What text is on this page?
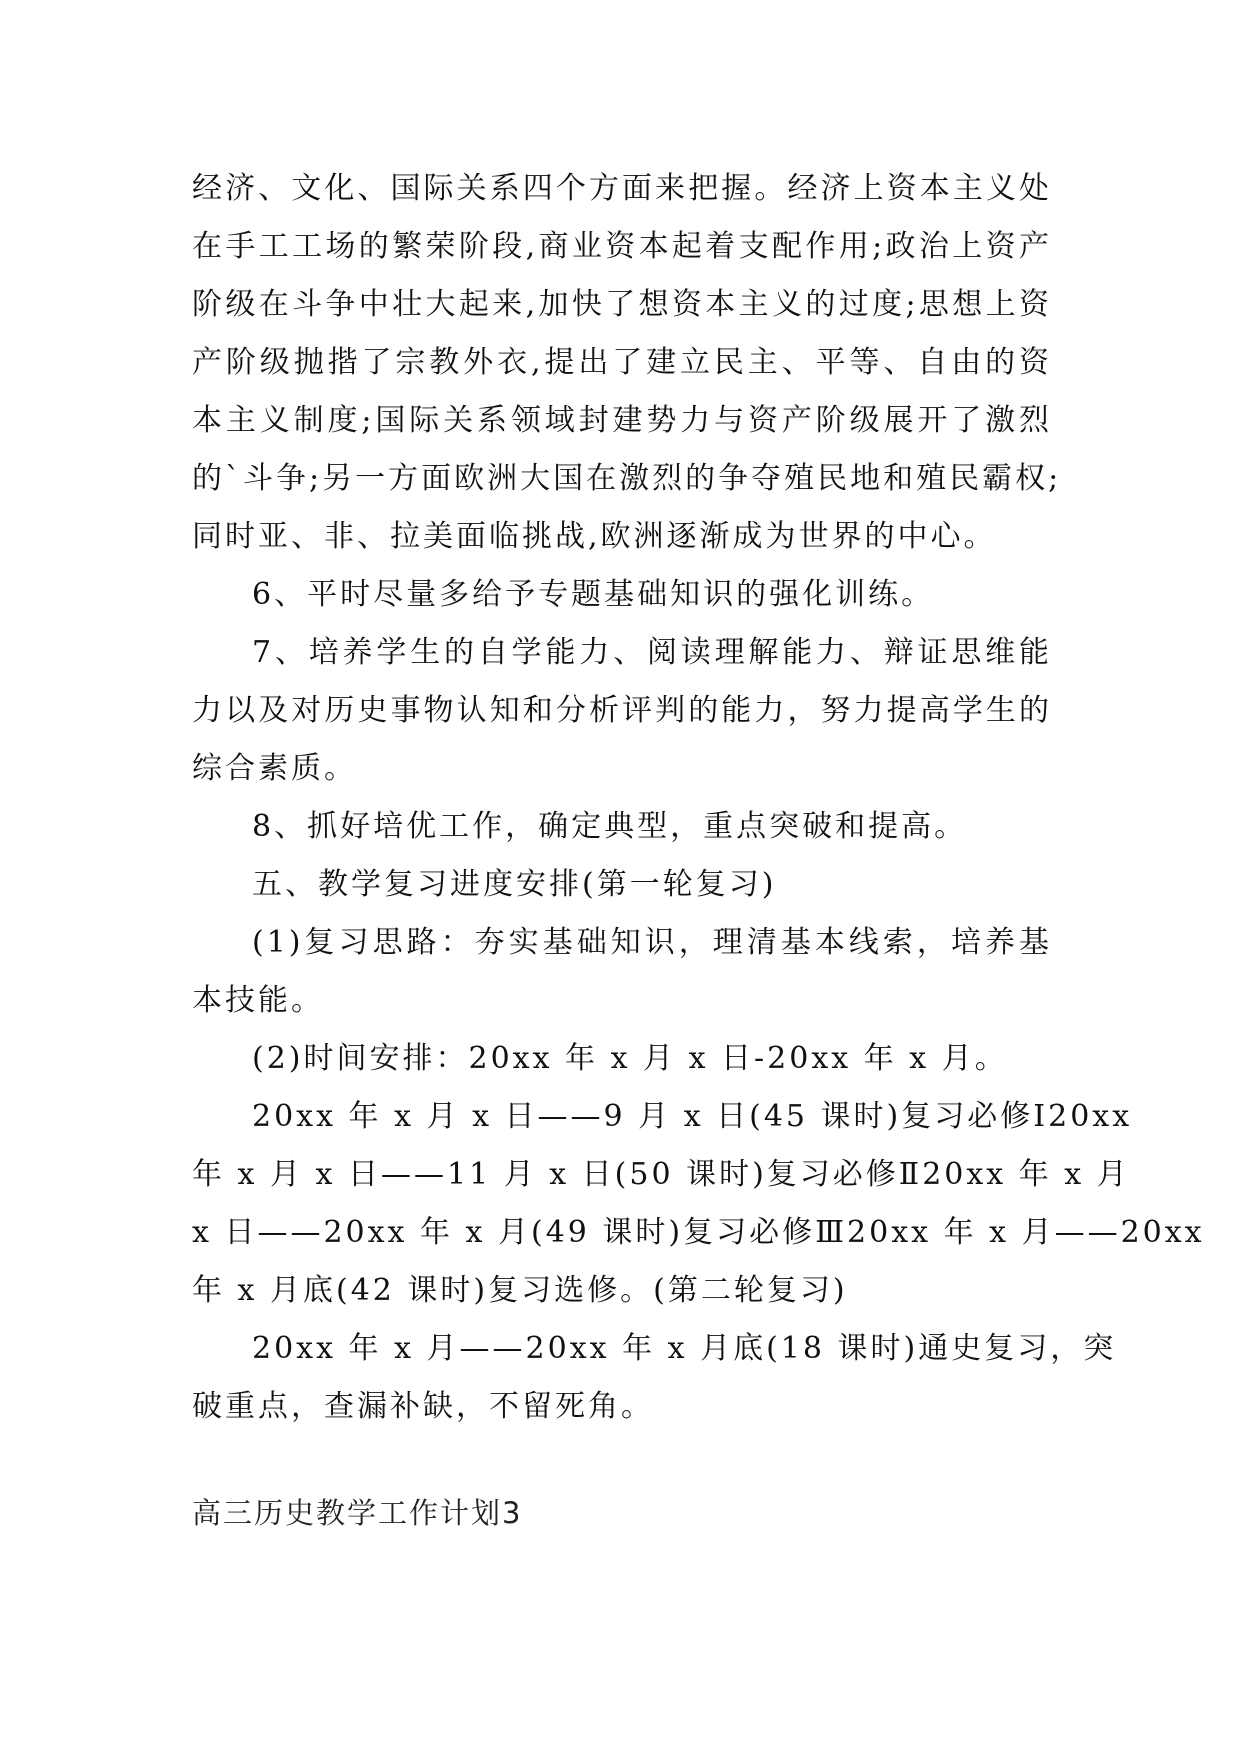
经济、文化、国际关系四个方面来把握。经济上资本主义处
在手工工场的繁荣阶段,商业资本起着支配作用;政治上资产
阶级在斗争中壮大起来,加快了想资本主义的过度;思想上资
产阶级抛揩了宗教外衣,提出了建立民主、平等、自由的资
本主义制度;国际关系领域封建势力与资产阶级展开了激烈
的`斗争;另一方面欧洲大国在激烈的争夺殖民地和殖民霸权;
同时亚、非、拉美面临挑战,欧洲逐渐成为世界的中心。
6、平时尽量多给予专题基础知识的强化训练。
7、培养学生的自学能力、阅读理解能力、辩证思维能
力以及对历史事物认知和分析评判的能力，努力提高学生的
综合素质。
8、抓好培优工作，确定典型，重点突破和提高。
五、教学复习进度安排(第一轮复习)
(1)复习思路：夯实基础知识，理清基本线索，培养基
本技能。
(2)时间安排：20xx 年 x 月 x 日-20xx 年 x 月。
20xx 年 x 月 x 日——9 月 x 日(45 课时)复习必修Ⅰ20xx
年 x 月 x 日——11 月 x 日(50 课时)复习必修Ⅱ20xx 年 x 月
x 日——20xx 年 x 月(49 课时)复习必修Ⅲ20xx 年 x 月——20xx
年 x 月底(42 课时)复习选修。(第二轮复习)
20xx 年 x 月——20xx 年 x 月底(18 课时)通史复习，突
破重点，查漏补缺，不留死角。
高三历史教学工作计划3
